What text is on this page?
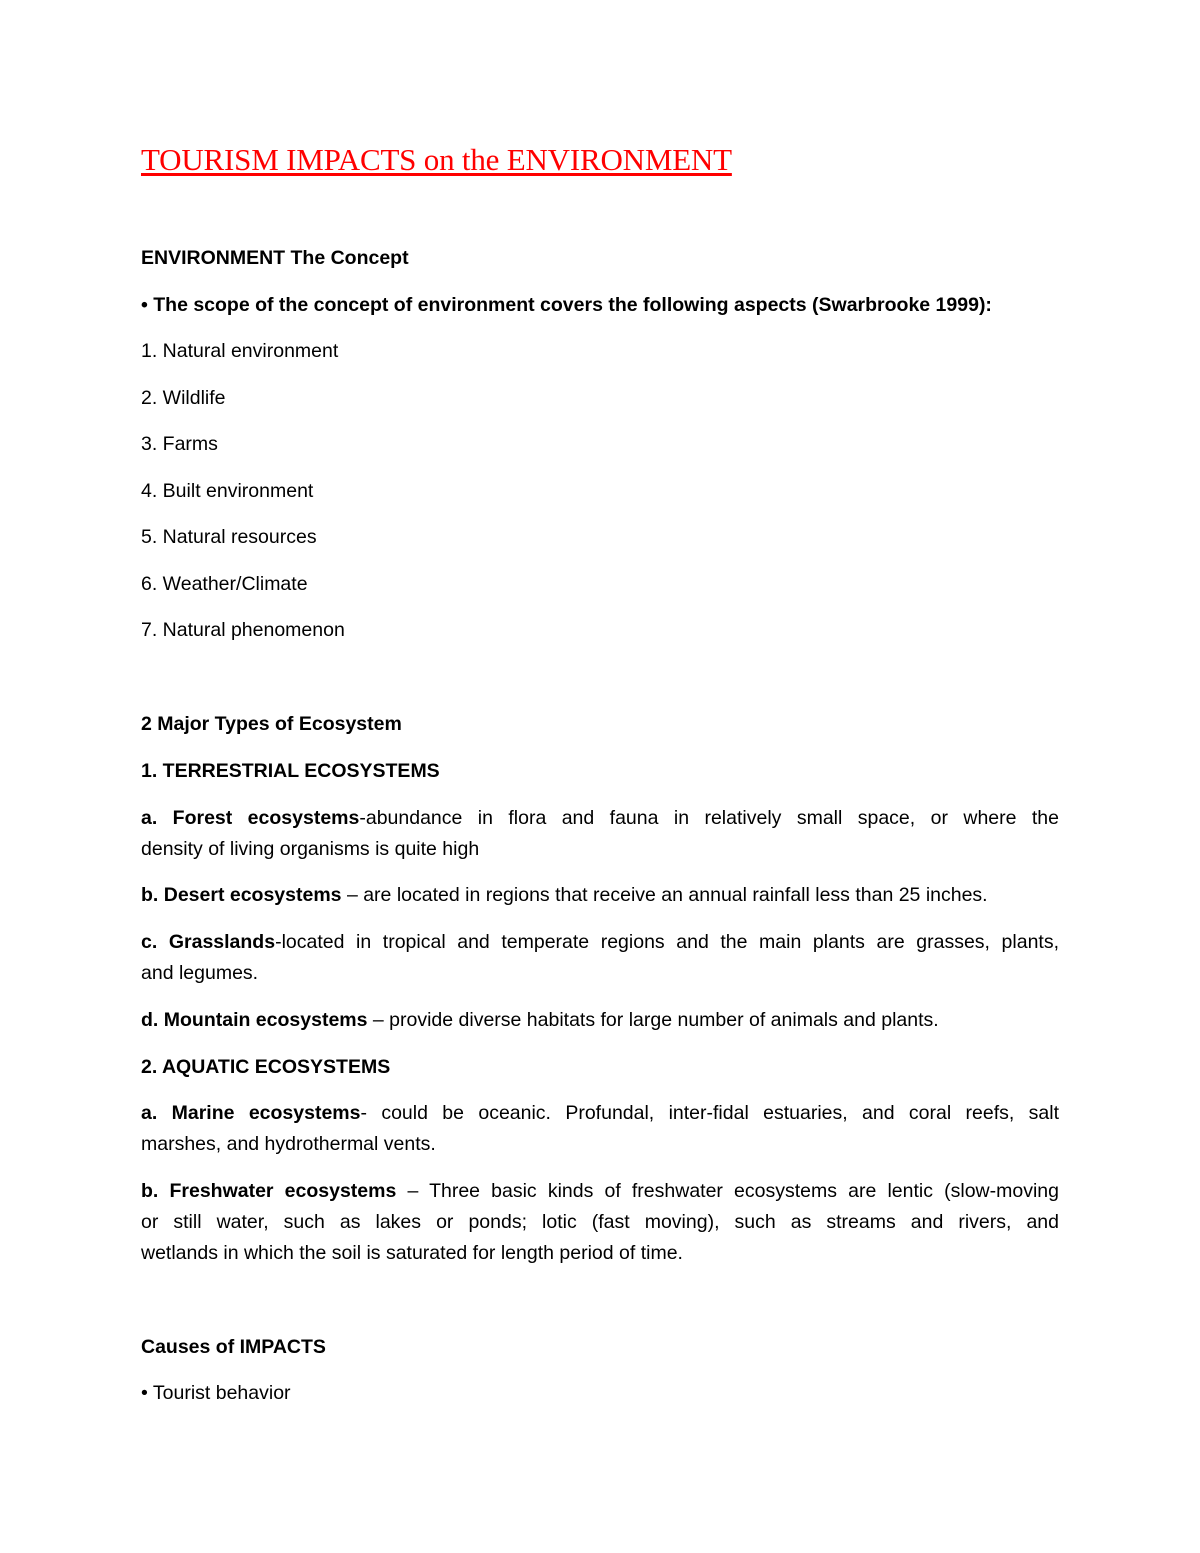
TOURISM IMPACTS on the ENVIRONMENT

ENVIRONMENT The Concept

• The scope of the concept of environment covers the following aspects (Swarbrooke 1999):

1. Natural environment

2. Wildlife

3. Farms

4. Built environment

5. Natural resources

6. Weather/Climate

7. Natural phenomenon

2 Major Types of Ecosystem

1. TERRESTRIAL ECOSYSTEMS

a. Forest ecosystems-abundance in flora and fauna in relatively small space, or where the
density of living organisms is quite high
b. Desert ecosystems – are located in regions that receive an annual rainfall less than 25 inches.
c. Grasslands-located in tropical and temperate regions and the main plants are grasses, plants,
and legumes.
d. Mountain ecosystems – provide diverse habitats for large number of animals and plants.

2. AQUATIC ECOSYSTEMS

a. Marine ecosystems- could be oceanic. Profundal, inter-fidal estuaries, and coral reefs, salt
marshes, and hydrothermal vents.
b. Freshwater ecosystems – Three basic kinds of freshwater ecosystems are lentic (slow-moving
or still water, such as lakes or ponds; lotic (fast moving), such as streams and rivers, and
wetlands in which the soil is saturated for length period of time.

Causes of IMPACTS

• Tourist behavior
